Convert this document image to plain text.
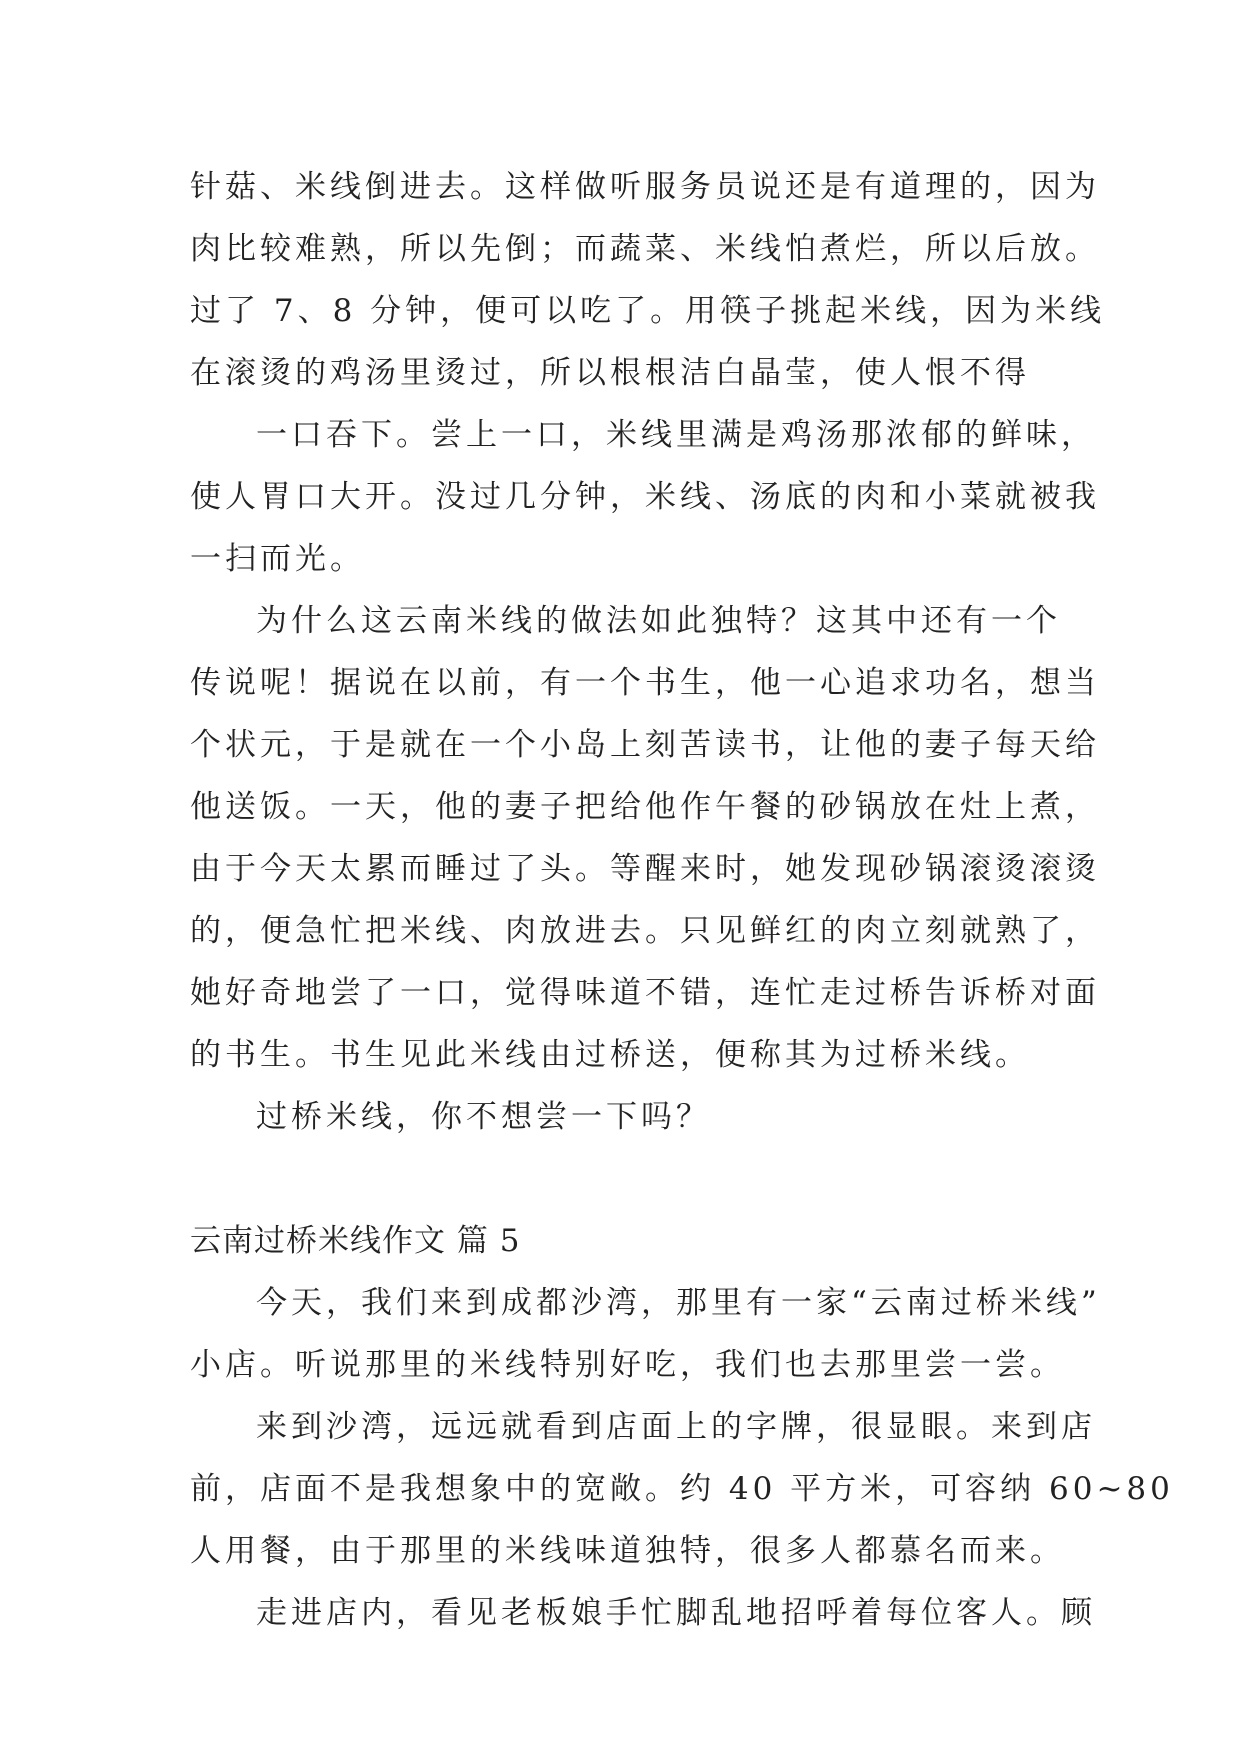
针菇、米线倒进去。这样做听服务员说还是有道理的，因为
肉比较难熟，所以先倒；而蔬菜、米线怕煮烂，所以后放。
过了 7、8 分钟，便可以吃了。用筷子挑起米线，因为米线
在滚烫的鸡汤里烫过，所以根根洁白晶莹，使人恨不得
一口吞下。尝上一口，米线里满是鸡汤那浓郁的鲜味，
使人胃口大开。没过几分钟，米线、汤底的肉和小菜就被我
一扫而光。
为什么这云南米线的做法如此独特？这其中还有一个
传说呢！据说在以前，有一个书生，他一心追求功名，想当
个状元，于是就在一个小岛上刻苦读书，让他的妻子每天给
他送饭。一天，他的妻子把给他作午餐的砂锅放在灶上煮，
由于今天太累而睡过了头。等醒来时，她发现砂锅滚烫滚烫
的，便急忙把米线、肉放进去。只见鲜红的肉立刻就熟了，
她好奇地尝了一口，觉得味道不错，连忙走过桥告诉桥对面
的书生。书生见此米线由过桥送，便称其为过桥米线。
过桥米线，你不想尝一下吗？
云南过桥米线作文 篇 5
今天，我们来到成都沙湾，那里有一家“云南过桥米线”
小店。听说那里的米线特别好吃，我们也去那里尝一尝。
来到沙湾，远远就看到店面上的字牌，很显眼。来到店
前，店面不是我想象中的宽敞。约 40 平方米，可容纳 60~80
人用餐，由于那里的米线味道独特，很多人都慕名而来。
走进店内，看见老板娘手忙脚乱地招呼着每位客人。顾
